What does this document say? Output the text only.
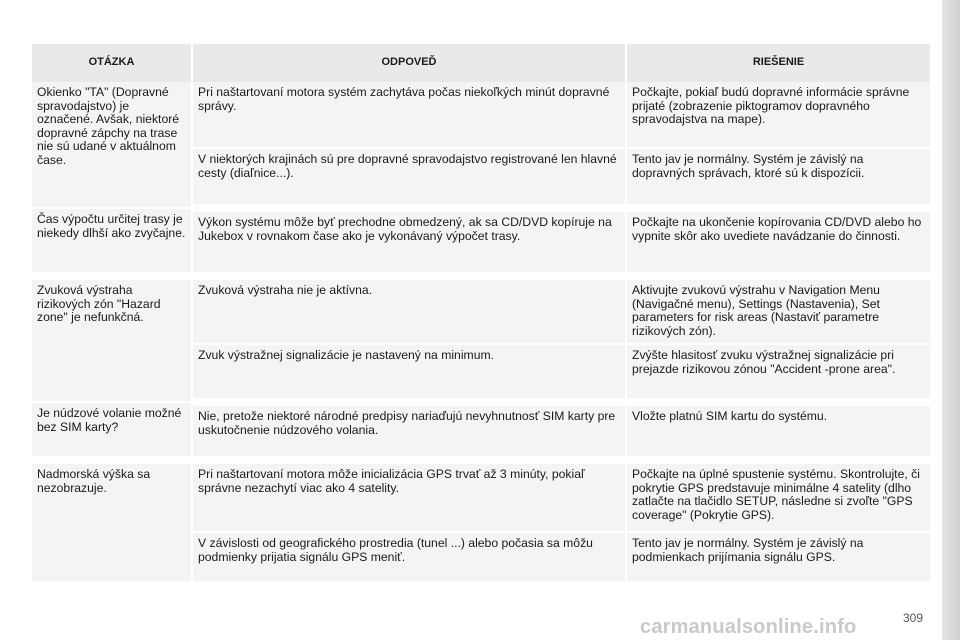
OTÁZKA	ODPOVEĎ	RIEŠENIE
Okienko "TA" (Dopravné spravodajstvo) je označené. Avšak, niektoré dopravné zápchy na trase nie sú udané v aktuálnom čase.	Pri naštartovaní motora systém zachytáva počas niekoľkých minút dopravné správy.	Počkajte, pokiaľ budú dopravné informácie správne prijaté (zobrazenie piktogramov dopravného spravodajstva na mape).
	V niektorých krajinách sú pre dopravné spravodajstvo registrované len hlavné cesty (diaľnice...).	Tento jav je normálny. Systém je závislý na dopravných správach, ktoré sú k dispozícii.
Čas výpočtu určitej trasy je niekedy dlhší ako zvyčajne.	Výkon systému môže byť prechodne obmedzený, ak sa CD/DVD kopíruje na Jukebox v rovnakom čase ako je vykonávaný výpočet trasy.	Počkajte na ukončenie kopírovania CD/DVD alebo ho vypnite skôr ako uvediete navádzanie do činnosti.
Zvuková výstraha rizikových zón "Hazard zone" je nefunkčná.	Zvuková výstraha nie je aktívna.	Aktivujte zvukovú výstrahu v Navigation Menu (Navigačné menu), Settings (Nastavenia), Set parameters for risk areas (Nastaviť parametre rizikových zón).
	Zvuk výstražnej signalizácie je nastavený na minimum.	Zvýšte hlasitosť zvuku výstražnej signalizácie pri prejazde rizikovou zónou "Accident -prone area".
Je núdzové volanie možné bez SIM karty?	Nie, pretože niektoré národné predpisy nariaďujú nevyhnutnosť SIM karty pre uskutočnenie núdzového volania.	Vložte platnú SIM kartu do systému.
Nadmorská výška sa nezobrazuje.	Pri naštartovaní motora môže inicializácia GPS trvať až 3 minúty, pokiaľ správne nezachytí viac ako 4 satelity.	Počkajte na úplné spustenie systému. Skontrolujte, či pokrytie GPS predstavuje minimálne 4 satelity (dlho zatlačte na tlačidlo SETUP, následne si zvoľte "GPS coverage" (Pokrytie GPS).
	V závislosti od geografického prostredia (tunel ...) alebo počasia sa môžu podmienky prijatia signálu GPS meniť.	Tento jav je normálny. Systém je závislý na podmienkach prijímania signálu GPS.
carmanualsonline.info	309
